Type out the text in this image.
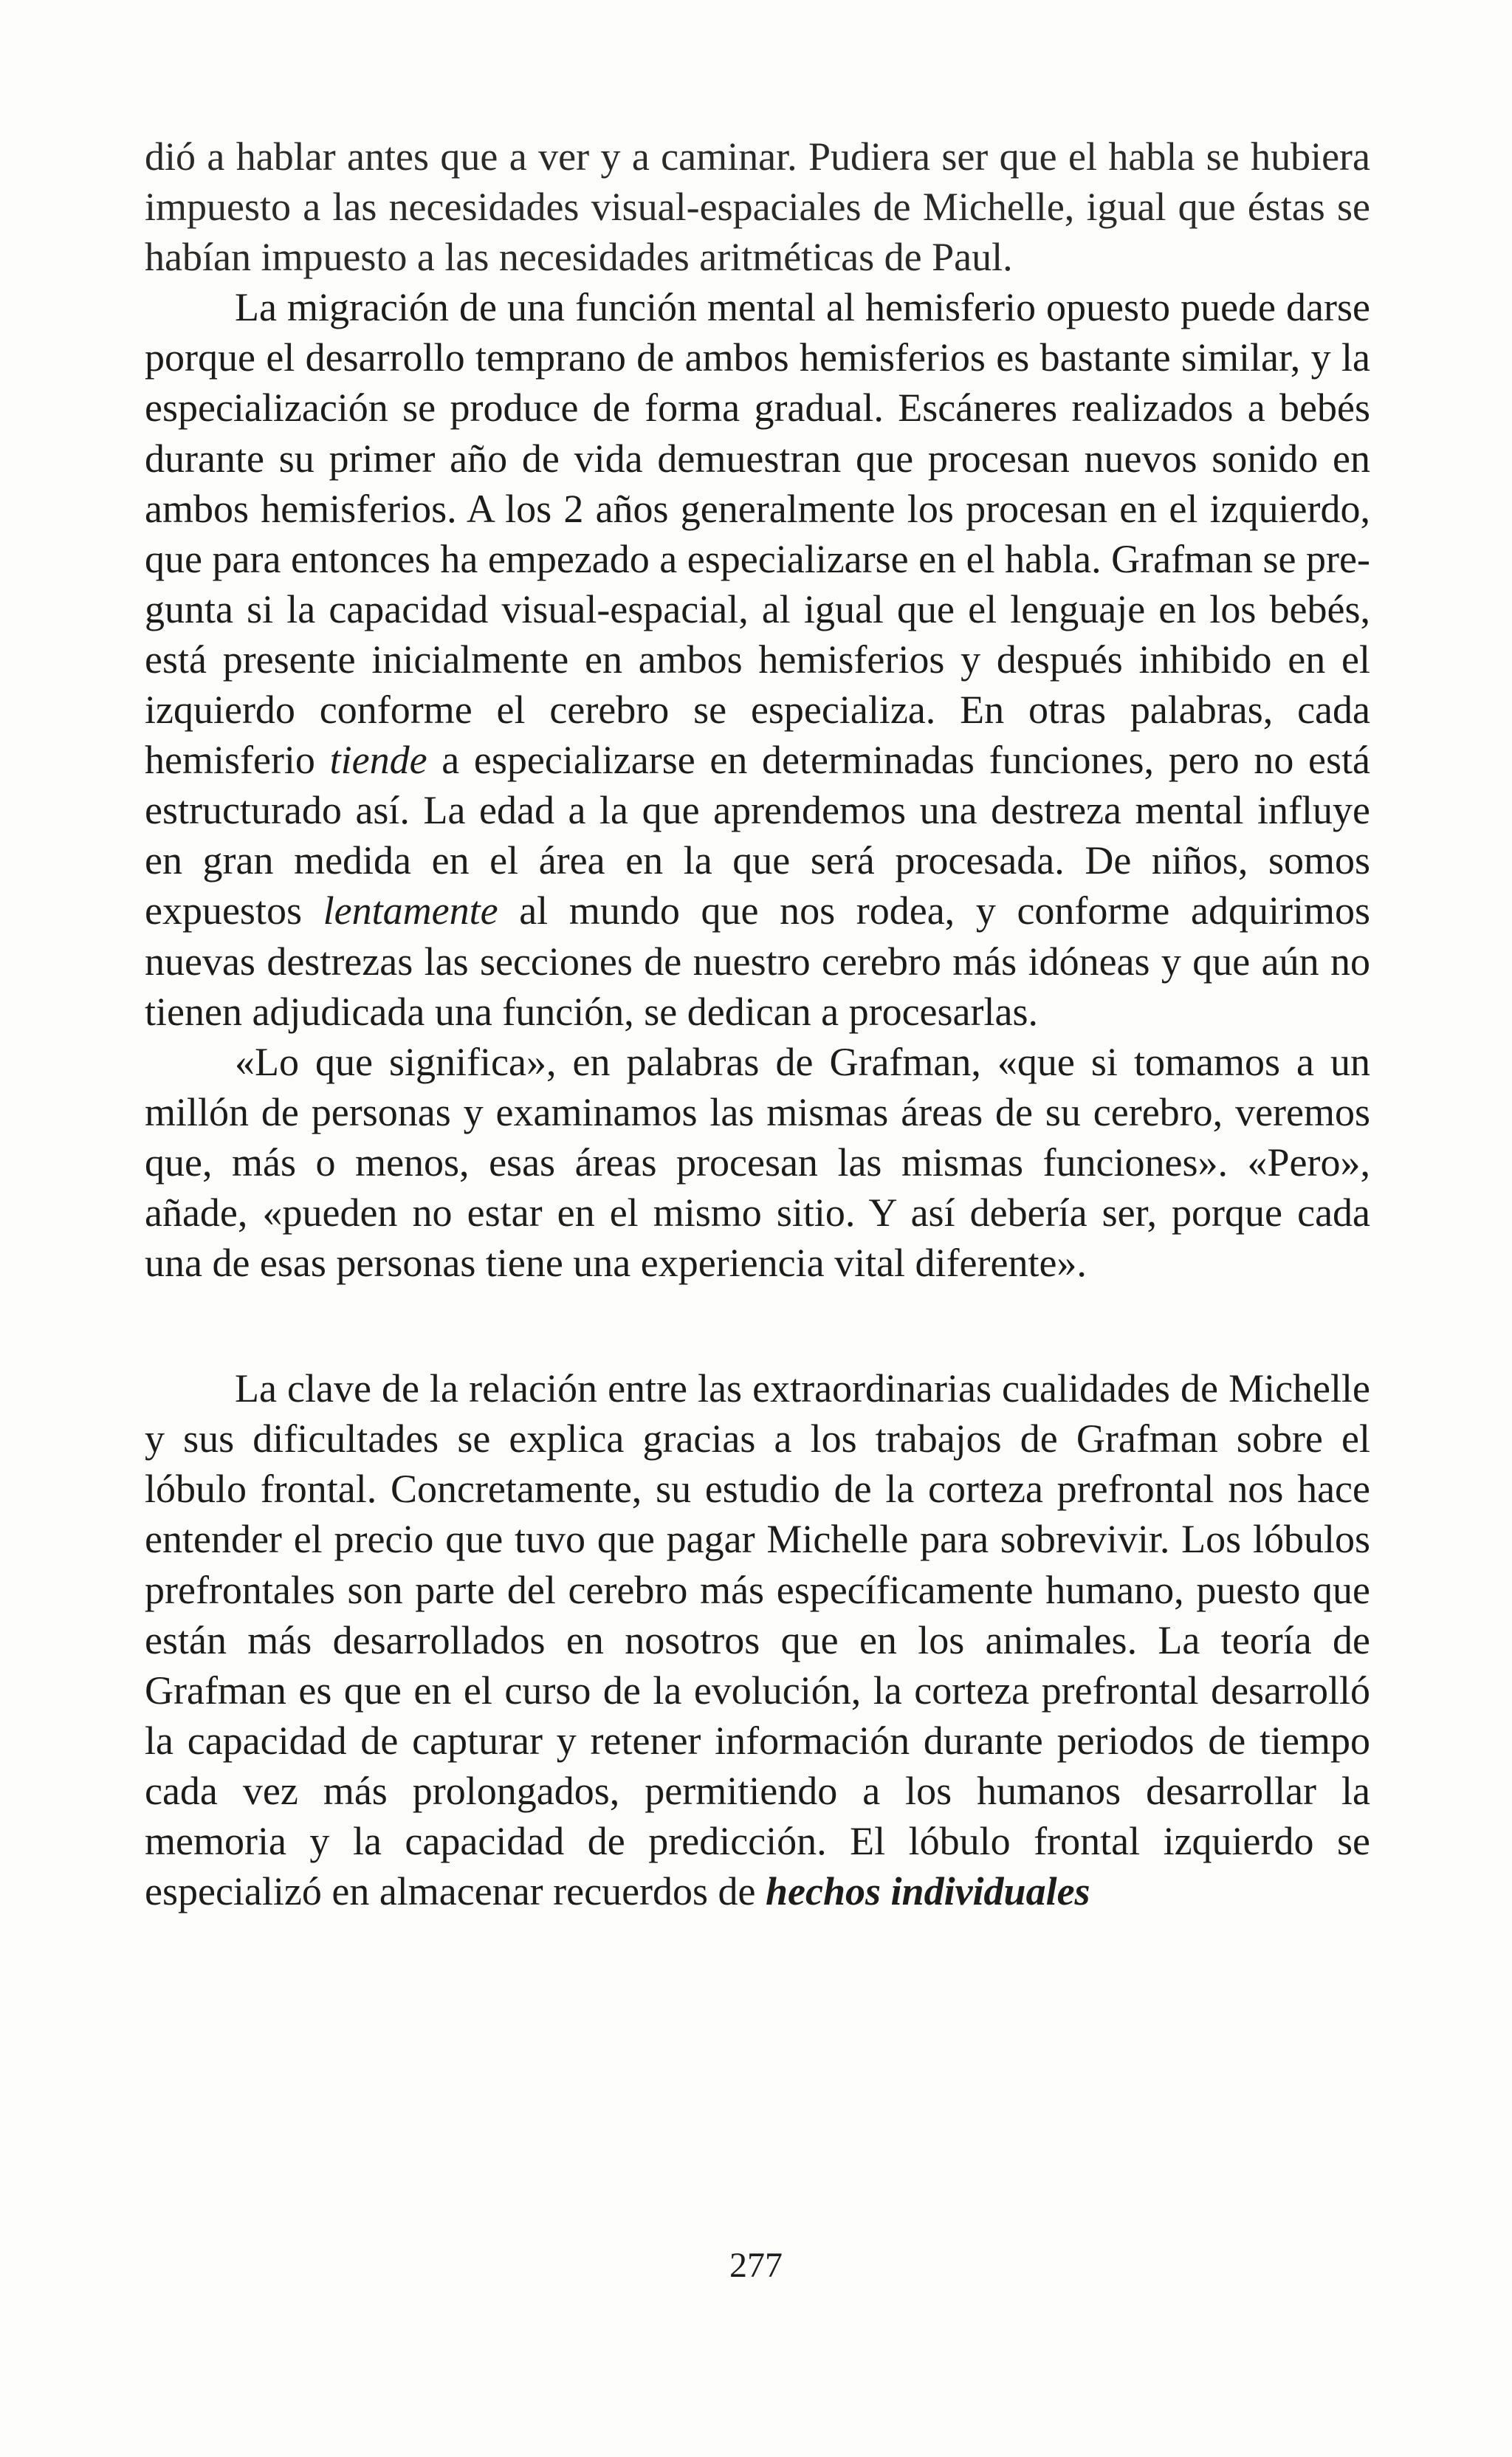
dió a hablar antes que a ver y a caminar. Pudiera ser que el habla se hubiera impuesto a las necesidades visual-espaciales de Michelle, igual que éstas se habían impuesto a las necesidades aritméticas de Paul.

La migración de una función mental al hemisferio opuesto puede darse porque el desarrollo temprano de ambos hemisferios es bastante similar, y la especialización se produce de forma gradual. Escáneres realizados a bebés durante su primer año de vida demuestran que procesan nuevos sonido en ambos hemisferios. A los 2 años generalmente los procesan en el izquierdo, que para entonces ha empezado a especializarse en el habla. Grafman se pregunta si la capacidad visual-espacial, al igual que el lenguaje en los bebés, está presente inicialmente en ambos hemisferios y después inhibido en el izquierdo conforme el cerebro se especializa. En otras palabras, cada hemisferio tiende a especializarse en determinadas funciones, pero no está estructurado así. La edad a la que aprendemos una destreza mental influye en gran medida en el área en la que será procesada. De niños, somos expuestos lentamente al mundo que nos rodea, y conforme adquirimos nuevas destrezas las secciones de nuestro cerebro más idóneas y que aún no tienen adjudicada una función, se dedican a procesarlas.

«Lo que significa», en palabras de Grafman, «que si tomamos a un millón de personas y examinamos las mismas áreas de su cerebro, veremos que, más o menos, esas áreas procesan las mismas funciones». «Pero», añade, «pueden no estar en el mismo sitio. Y así debería ser, porque cada una de esas personas tiene una experiencia vital diferente».

La clave de la relación entre las extraordinarias cualidades de Michelle y sus dificultades se explica gracias a los trabajos de Grafman sobre el lóbulo frontal. Concretamente, su estudio de la corteza prefrontal nos hace entender el precio que tuvo que pagar Michelle para sobrevivir. Los lóbulos prefrontales son parte del cerebro más específicamente humano, puesto que están más desarrollados en nosotros que en los animales. La teoría de Grafman es que en el curso de la evolución, la corteza prefrontal desarrolló la capacidad de capturar y retener información durante periodos de tiempo cada vez más prolongados, permitiendo a los humanos desarrollar la memoria y la capacidad de predicción. El lóbulo frontal izquierdo se especializó en almacenar recuerdos de hechos individuales

277
